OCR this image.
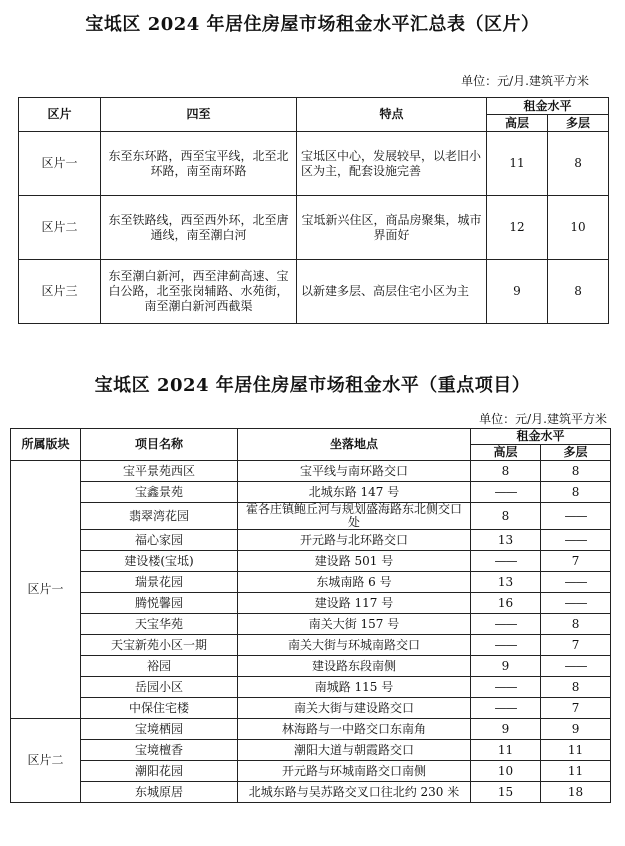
宝坻区 2024 年居住房屋市场租金水平汇总表（区片）
单位：元/月.建筑平方米
区片	四至	特点	租金水平	
			高层	多层
区片一	东至东环路，西至宝平线，北至北环路，南至南环路	宝坻区中心，发展较早，以老旧小区为主，配套设施完善	11	8
区片二	东至铁路线，西至西外环，北至唐通线，南至潮白河	宝坻新兴住区，商品房聚集，城市界面好	12	10
区片三	东至潮白新河，西至津蓟高速、宝白公路，北至张岗辅路、水苑街，南至潮白新河西截渠	以新建多层、高层住宅小区为主	9	8
宝坻区 2024 年居住房屋市场租金水平（重点项目）
单位：元/月.建筑平方米
所属版块	项目名称	坐落地点	租金水平	
			高层	多层
区片一	宝平景苑西区	宝平线与南环路交口	8	8
	宝鑫景苑	北城东路 147 号	——	8
	翡翠湾花园	霍各庄镇鲍丘河与规划盛海路东北侧交口处	8	——
	福心家园	开元路与北环路交口	13	——
	建设楼(宝坻)	建设路 501 号	——	7
	瑞景花园	东城南路 6 号	13	——
	腾悦馨园	建设路 117 号	16	——
	天宝华苑	南关大街 157 号	——	8
	天宝新苑小区一期	南关大街与环城南路交口	——	7
	裕园	建设路东段南侧	9	——
	岳园小区	南城路 115 号	——	8
	中保住宅楼	南关大街与建设路交口	——	7
区片二	宝境栖园	林海路与一中路交口东南角	9	9
	宝境檀香	潮阳大道与朝霞路交口	11	11
	潮阳花园	开元路与环城南路交口南侧	10	11
	东城原居	北城东路与吴苏路交叉口往北约 230 米	15	18
